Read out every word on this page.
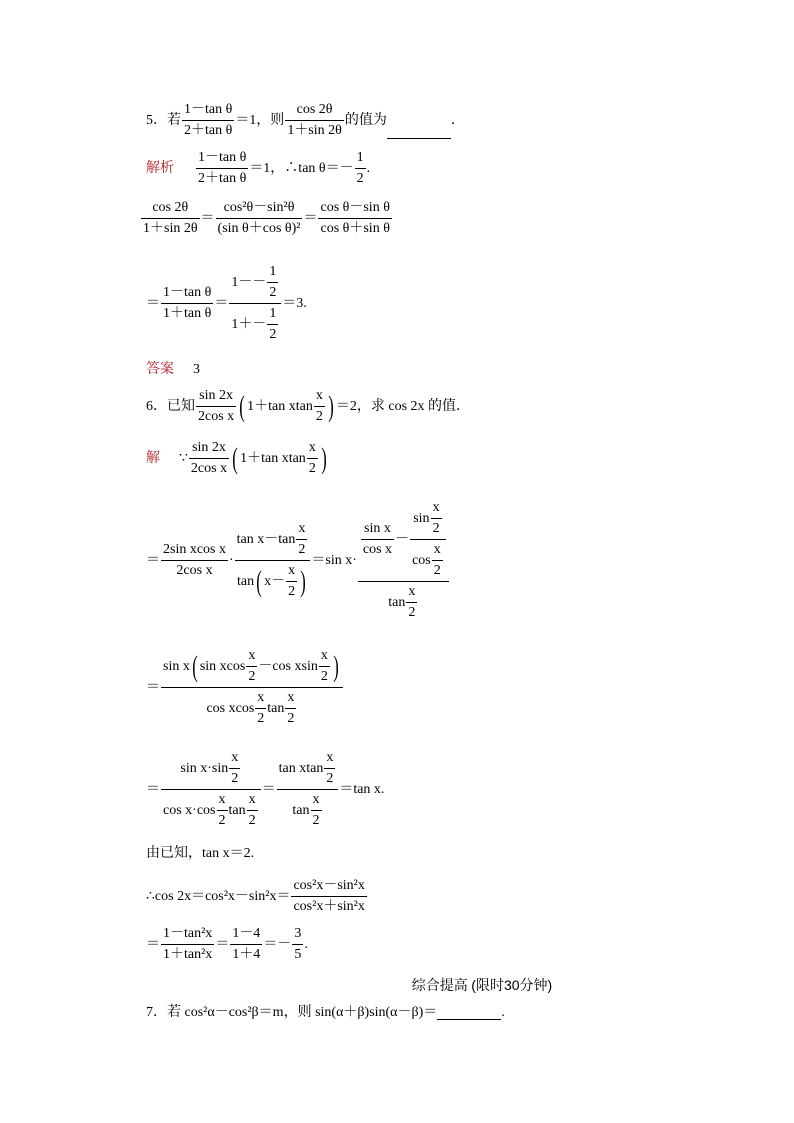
5．若 $\frac{\text{1－tan θ}}{\text{2＋tan θ}} =1$，则 $\frac{\cos 2\theta}{1+\sin 2\theta}$ 的值为	．
解析 $\frac{\text{1－tan θ}}{\text{2＋tan θ}} =1$，∴tan $\theta=- \frac{1}{2}$ .
$\frac{\cos 2\theta}{1+\sin 2\theta} = \frac{\text{cos²θ－sin²θ}}{\text{(sin θ＋cos θ)²}} = \frac{\text{cos θ－sin θ}}{\text{cos θ＋sin θ}}$
＝ $\frac{\text{1－tan θ}}{\text{1＋tan θ}} = \frac{1-- \frac{1}{2}}{1+- \frac{1}{2}} =3$.
答案 3
6．已知 $\frac{\sin 2x}{\text{2cos x}}$ ( 1＋tan xtan $\frac{x}{2}$ ) ＝2，求 cos 2x 的值．
解 ∵ $\frac{\sin 2x}{\text{2cos x}}$ ( 1＋tan xtan $\frac{x}{2}$ )
＝ $\frac{\text{2sin xcos x}}{\text{2cos x}} \cdot \frac{\tan x-\tan \frac{x}{2}}{\tan( x- \frac{x}{2} )} =\sin$ $x\cdot \frac{\frac{\text{sin x}}{\text{cos x}} - \frac{\sin \frac{x}{2}}{\cos \frac{x}{2}}}{\tan \frac{x}{2}}$
＝ $\frac{\sin x( \sin xcos \frac{x}{2} -\cos xsin \frac{x}{2} )}{\cos xcos \frac{x}{2} \tan \frac{x}{2}}$
＝ $\frac{\sin x\cdot\sin \frac{x}{2}}{\cos x\cdot\cos \frac{x}{2} \tan \frac{x}{2}} = \frac{\tan xtan \frac{x}{2}}{\tan \frac{x}{2}} =\tan$ x.
由已知，tan x＝2.
∴cos $2x=\cos^2x-\sin^2x= \frac{\text{cos²x－sin²x}}{\text{cos²x＋sin²x}}$
＝ $\frac{\text{1－tan²x}}{\text{1＋tan²x}} = \frac{1-4}{1+4} =- \frac{3}{5}$ .
综合提高 (限时30分钟)
7．若 cos²α－cos²β＝m，则 sin(α＋β)sin(α－β)＝	.
